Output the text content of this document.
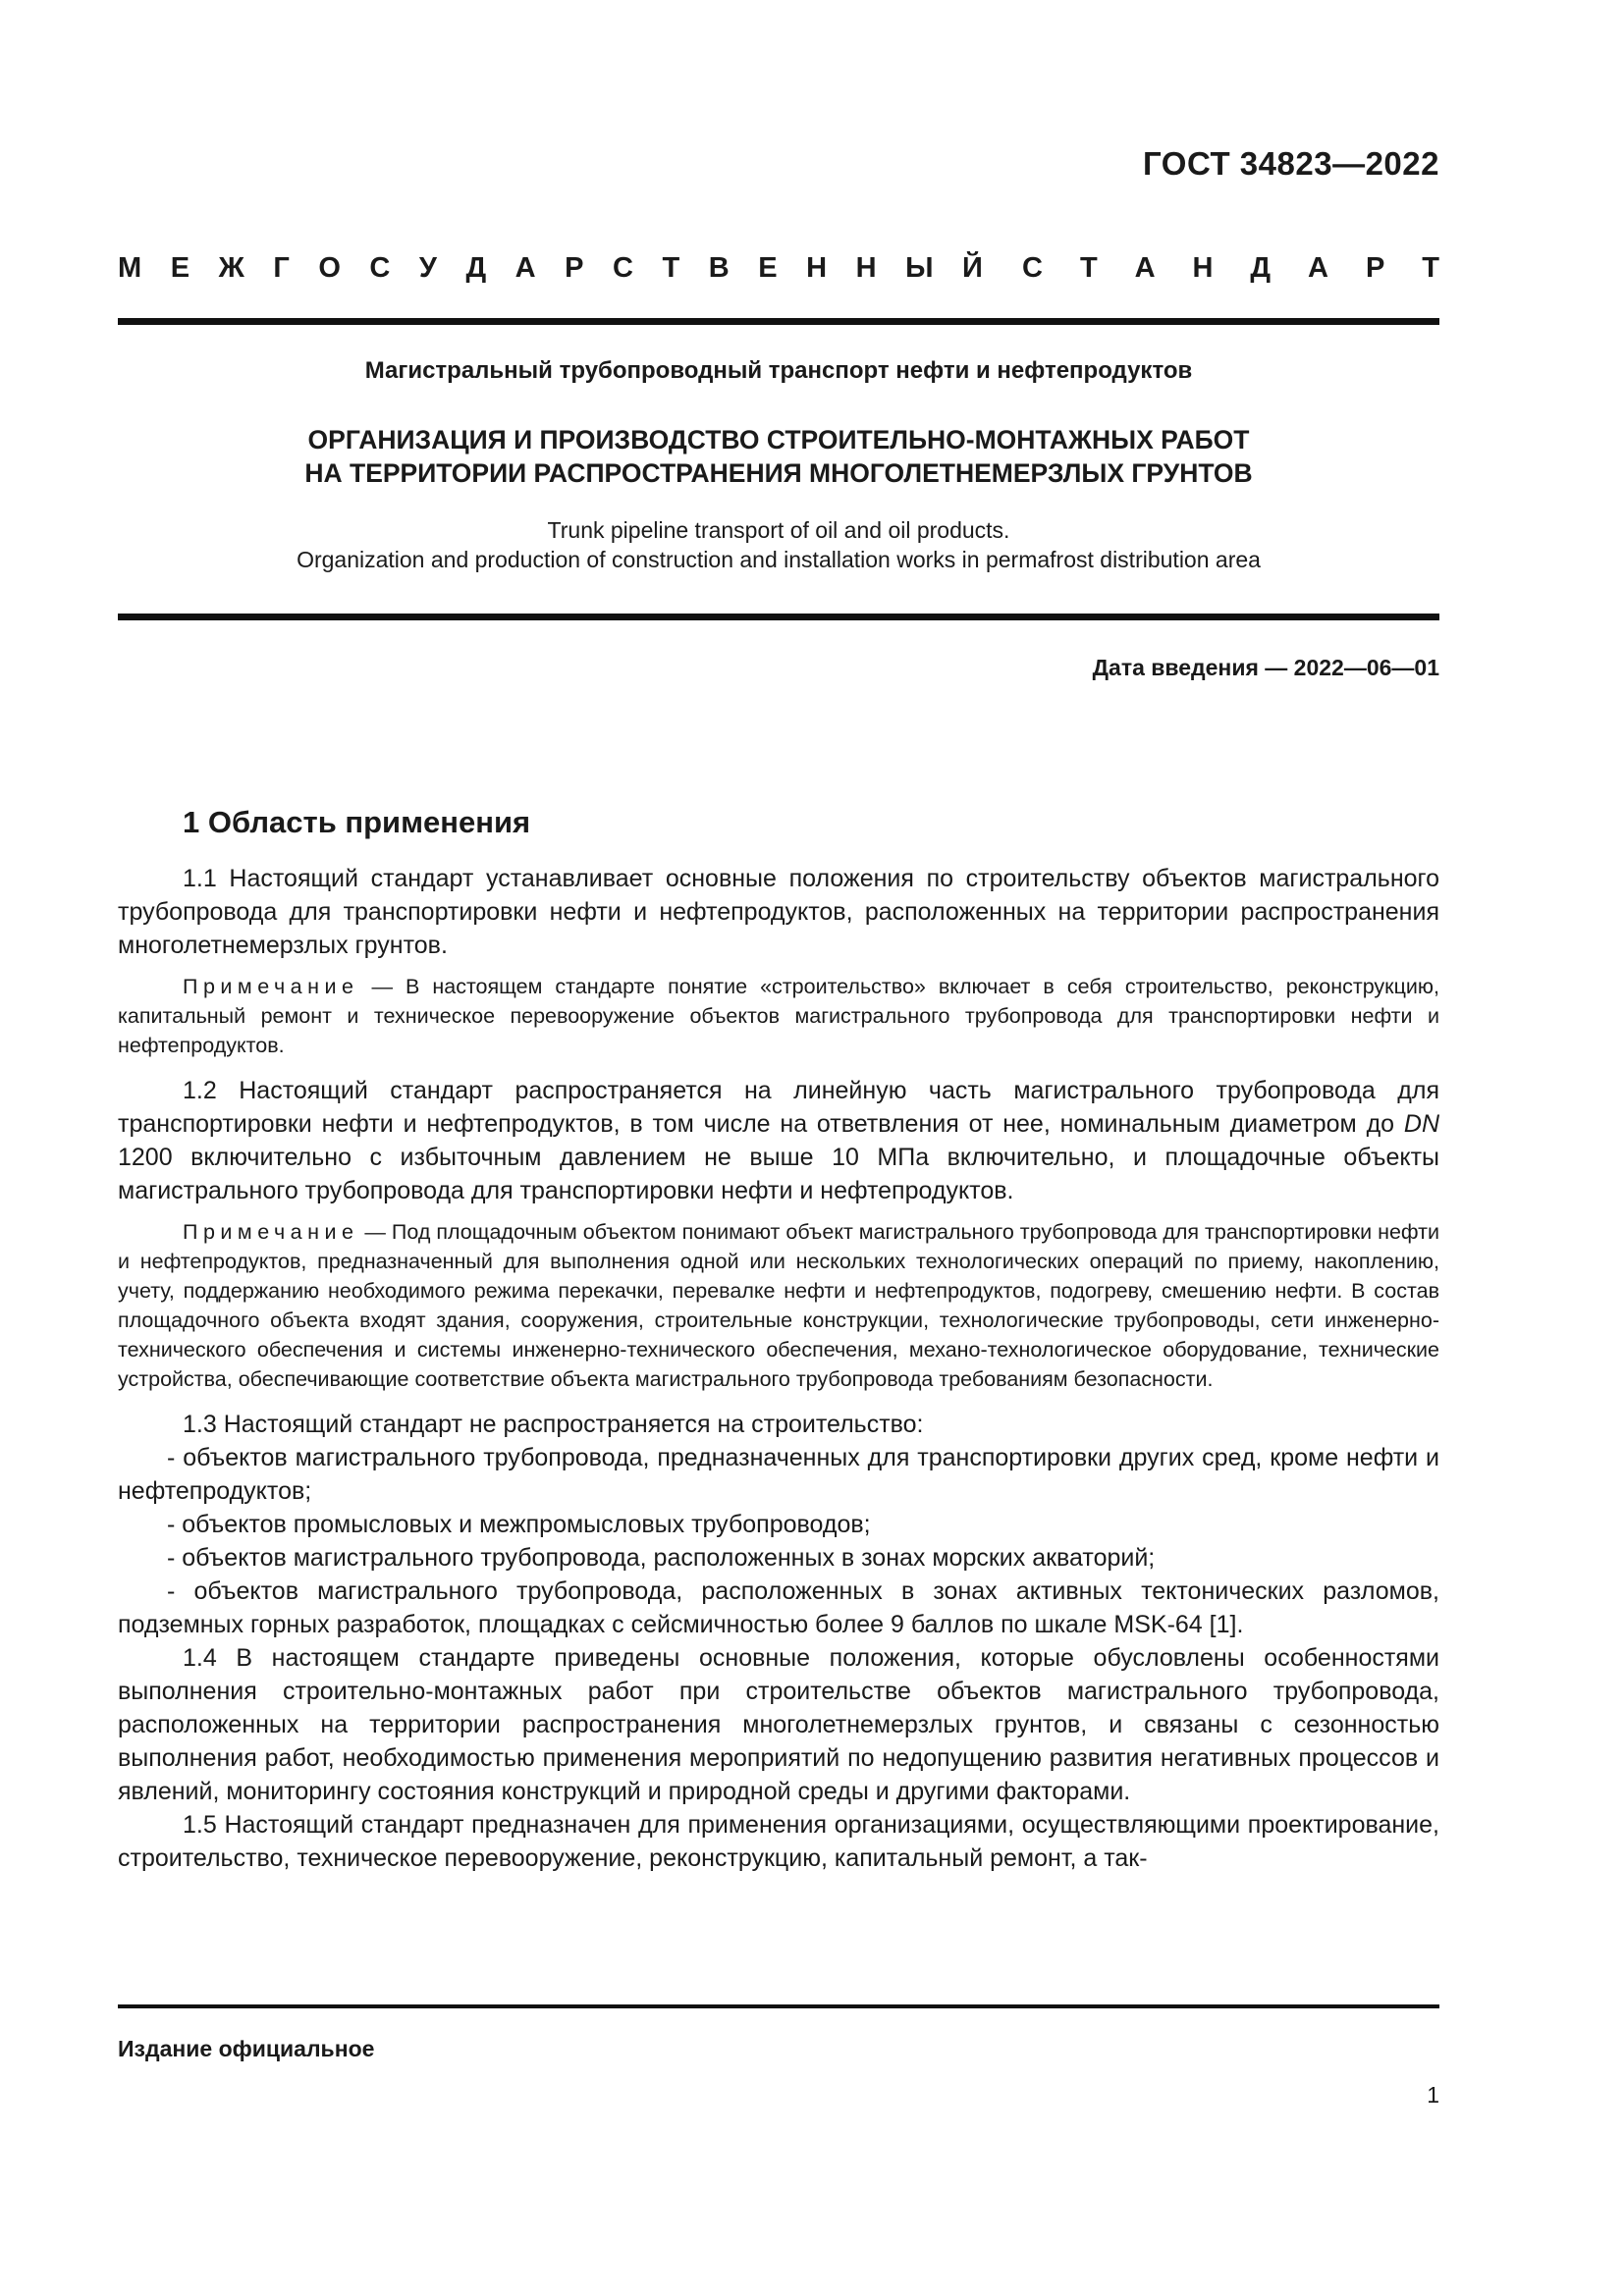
ГОСТ 34823—2022
М Е Ж Г О С У Д А Р С Т В Е Н Н Ы Й С Т А Н Д А Р Т
Магистральный трубопроводный транспорт нефти и нефтепродуктов
ОРГАНИЗАЦИЯ И ПРОИЗВОДСТВО СТРОИТЕЛЬНО-МОНТАЖНЫХ РАБОТ
НА ТЕРРИТОРИИ РАСПРОСТРАНЕНИЯ МНОГОЛЕТНЕМЕРЗЛЫХ ГРУНТОВ
Trunk pipeline transport of oil and oil products.
Organization and production of construction and installation works in permafrost distribution area
Дата введения — 2022—06—01
1 Область применения

1.1 Настоящий стандарт устанавливает основные положения по строительству объектов магистрального трубопровода для транспортировки нефти и нефтепродуктов, расположенных на территории распространения многолетнемерзлых грунтов.

Примечание — В настоящем стандарте понятие «строительство» включает в себя строительство, реконструкцию, капитальный ремонт и техническое перевооружение объектов магистрального трубопровода для транспортировки нефти и нефтепродуктов.

1.2 Настоящий стандарт распространяется на линейную часть магистрального трубопровода для транспортировки нефти и нефтепродуктов, в том числе на ответвления от нее, номинальным диаметром до DN 1200 включительно с избыточным давлением не выше 10 МПа включительно, и площадочные объекты магистрального трубопровода для транспортировки нефти и нефтепродуктов.

Примечание — Под площадочным объектом понимают объект магистрального трубопровода для транспортировки нефти и нефтепродуктов, предназначенный для выполнения одной или нескольких технологических операций по приему, накоплению, учету, поддержанию необходимого режима перекачки, перевалке нефти и нефтепродуктов, подогреву, смешению нефти. В состав площадочного объекта входят здания, сооружения, строительные конструкции, технологические трубопроводы, сети инженерно-технического обеспечения и системы инженерно-технического обеспечения, механо-технологическое оборудование, технические устройства, обеспечивающие соответствие объекта магистрального трубопровода требованиям безопасности.

1.3 Настоящий стандарт не распространяется на строительство:

- объектов магистрального трубопровода, предназначенных для транспортировки других сред, кроме нефти и нефтепродуктов;

- объектов промысловых и межпромысловых трубопроводов;

- объектов магистрального трубопровода, расположенных в зонах морских акваторий;

- объектов магистрального трубопровода, расположенных в зонах активных тектонических разломов, подземных горных разработок, площадках с сейсмичностью более 9 баллов по шкале MSK-64 [1].

1.4 В настоящем стандарте приведены основные положения, которые обусловлены особенностями выполнения строительно-монтажных работ при строительстве объектов магистрального трубопровода, расположенных на территории распространения многолетнемерзлых грунтов, и связаны с сезонностью выполнения работ, необходимостью применения мероприятий по недопущению развития негативных процессов и явлений, мониторингу состояния конструкций и природной среды и другими факторами.

1.5 Настоящий стандарт предназначен для применения организациями, осуществляющими проектирование, строительство, техническое перевооружение, реконструкцию, капитальный ремонт, а так-

Издание официальное
1
